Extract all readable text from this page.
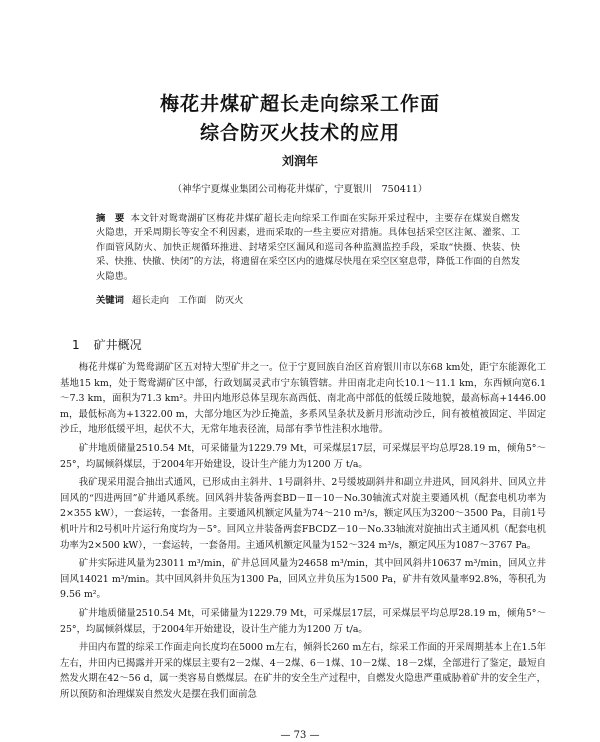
梅花井煤矿超长走向综采工作面
综合防灭火技术的应用
刘润年
（神华宁夏煤业集团公司梅花井煤矿，宁夏银川　750411）
摘　要 本文针对鸳鸯湖矿区梅花井煤矿超长走向综采工作面在实际开采过程中，主要存在煤炭自燃发火隐患，开采周期长等安全不利因素，进而采取的一些主要应对措施。具体包括采空区注氮、灌浆、工作面管风防火、加快正规循环推进、封堵采空区漏风和巡司各种监测监控手段，采取“快摄、快装、快采、快推、快撤、快闭”的方法，将遗留在采空区内的遗煤尽快甩在采空区窒息带，降低工作面的自然发火隐患。
关键词 超长走向　工作面　防灭火
1 矿井概况

梅花井煤矿为鸳鸯湖矿区五对特大型矿井之一。位于宁夏回族自治区首府银川市以东68 km处，距宁东能源化工基地15 km，处于鸳鸯湖矿区中部，行政划属灵武市宁东镇管辖。井田南北走向长10.1～11.1 km，东西倾向宽6.1～7.3 km，面积为71.3 km²。井田内地形总体呈现东高西低、南北高中部低的低缓丘陵地貌，最高标高+1446.00 m，最低标高为+1322.00 m，大部分地区为沙丘掩盖，多系风呈条状及新月形流动沙丘，间有被植被固定、半固定沙丘，地形低缓平坦，起伏不大，无常年地表径流，局部有季节性洼积水地带。

矿井地质储量2510.54 Mt，可采储量为1229.79 Mt，可采煤层17层，可采煤层平均总厚28.19 m，倾角5°～25°，均属倾斜煤层，于2004年开始建设，设计生产能力为1200 万 t/a。

我矿现采用混合抽出式通风，已形成由主斜井、1号副斜井、2号缓坡副斜井和副立井进风，回风斜井、回风立井回风的“四进两回”矿井通风系统。回风斜井装备两套BD－Ⅱ－10－No.30轴流式对旋主要通风机（配套电机功率为2×355 kW），一套运转，一套备用。主要通风机额定风量为74～210 m³/s，额定风压为3200～3500 Pa，目前1号机叶片和2号机叶片运行角度均为－5°。回风立井装备两套FBCDZ－10－No.33轴流对旋抽出式主通风机（配套电机功率为2×500 kW），一套运转，一套备用。主通风机额定风量为152～324 m³/s，额定风压为1087～3767 Pa。

矿井实际进风量为23011 m³/min，矿井总回风量为24658 m³/min，其中回风斜井10637 m³/min，回风立井回风14021 m³/min。其中回风斜井负压为1300 Pa，回风立井负压为1500 Pa，矿井有效风量率92.8%，等积孔为9.56 m²。

矿井地质储量2510.54 Mt，可采储量为1229.79 Mt，可采煤层17层，可采煤层平均总厚28.19 m，倾角5°～25°，均属倾斜煤层，于2004年开始建设，设计生产能力为1200 万 t/a。

井田内布置的综采工作面走向长度均在5000 m左右，倾斜长260 m左右，综采工作面的开采周期基本上在1.5年左右，井田内已揭露并开采的煤层主要有2－2煤、4－2煤、6－1煤、10－2煤、18－2煤，全部进行了鉴定，最短自然发火期在42～56 d，属一类容易自燃煤层。在矿井的安全生产过程中，自燃发火隐患严重威胁着矿井的安全生产，所以预防和治理煤炭自然发火是摆在我们面前急

— 73 —
